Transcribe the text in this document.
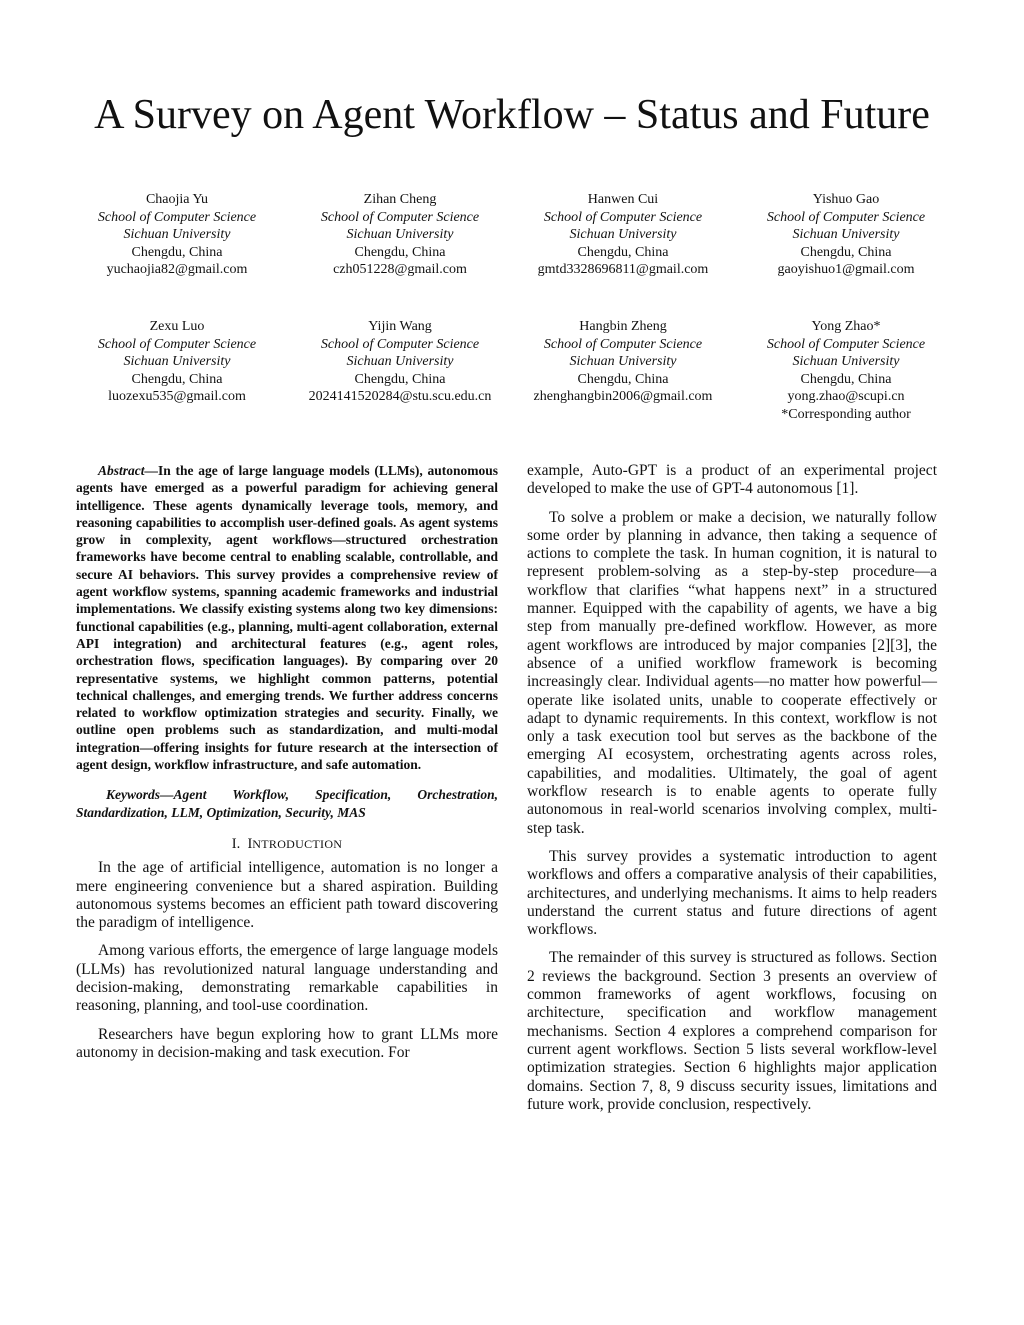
A Survey on Agent Workflow – Status and Future
Chaojia Yu
School of Computer Science
Sichuan University
Chengdu, China
yuchaojia82@gmail.com
Zihan Cheng
School of Computer Science
Sichuan University
Chengdu, China
czh051228@gmail.com
Hanwen Cui
School of Computer Science
Sichuan University
Chengdu, China
gmtd3328696811@gmail.com
Yishuo Gao
School of Computer Science
Sichuan University
Chengdu, China
gaoyishuo1@gmail.com
Zexu Luo
School of Computer Science
Sichuan University
Chengdu, China
luozexu535@gmail.com
Yijin Wang
School of Computer Science
Sichuan University
Chengdu, China
2024141520284@stu.scu.edu.cn
Hangbin Zheng
School of Computer Science
Sichuan University
Chengdu, China
zhenghangbin2006@gmail.com
Yong Zhao*
School of Computer Science
Sichuan University
Chengdu, China
yong.zhao@scupi.cn
*Corresponding author

Abstract—In the age of large language models (LLMs), autonomous agents have emerged as a powerful paradigm for achieving general intelligence. These agents dynamically leverage tools, memory, and reasoning capabilities to accomplish user-defined goals. As agent systems grow in complexity, agent workflows—structured orchestration frameworks have become central to enabling scalable, controllable, and secure AI behaviors. This survey provides a comprehensive review of agent workflow systems, spanning academic frameworks and industrial implementations. We classify existing systems along two key dimensions: functional capabilities (e.g., planning, multi-agent collaboration, external API integration) and architectural features (e.g., agent roles, orchestration flows, specification languages). By comparing over 20 representative systems, we highlight common patterns, potential technical challenges, and emerging trends. We further address concerns related to workflow optimization strategies and security. Finally, we outline open problems such as standardization, and multi-modal integration—offering insights for future research at the intersection of agent design, workflow infrastructure, and safe automation.

Keywords—Agent Workflow, Specification, Orchestration, Standardization, LLM, Optimization, Security, MAS

I. INTRODUCTION

In the age of artificial intelligence, automation is no longer a mere engineering convenience but a shared aspiration. Building autonomous systems becomes an efficient path toward discovering the paradigm of intelligence.

Among various efforts, the emergence of large language models (LLMs) has revolutionized natural language understanding and decision-making, demonstrating remarkable capabilities in reasoning, planning, and tool-use coordination.

Researchers have begun exploring how to grant LLMs more autonomy in decision-making and task execution. For

example, Auto-GPT is a product of an experimental project developed to make the use of GPT-4 autonomous [1].

To solve a problem or make a decision, we naturally follow some order by planning in advance, then taking a sequence of actions to complete the task. In human cognition, it is natural to represent problem-solving as a step-by-step procedure—a workflow that clarifies “what happens next” in a structured manner. Equipped with the capability of agents, we have a big step from manually pre-defined workflow. However, as more agent workflows are introduced by major companies [2][3], the absence of a unified workflow framework is becoming increasingly clear. Individual agents—no matter how powerful—operate like isolated units, unable to cooperate effectively or adapt to dynamic requirements. In this context, workflow is not only a task execution tool but serves as the backbone of the emerging AI ecosystem, orchestrating agents across roles, capabilities, and modalities. Ultimately, the goal of agent workflow research is to enable agents to operate fully autonomous in real-world scenarios involving complex, multi-step task.

This survey provides a systematic introduction to agent workflows and offers a comparative analysis of their capabilities, architectures, and underlying mechanisms. It aims to help readers understand the current status and future directions of agent workflows.

The remainder of this survey is structured as follows. Section 2 reviews the background. Section 3 presents an overview of common frameworks of agent workflows, focusing on architecture, specification and workflow management mechanisms. Section 4 explores a comprehend comparison for current agent workflows. Section 5 lists several workflow-level optimization strategies. Section 6 highlights major application domains. Section 7, 8, 9 discuss security issues, limitations and future work, provide conclusion, respectively.
